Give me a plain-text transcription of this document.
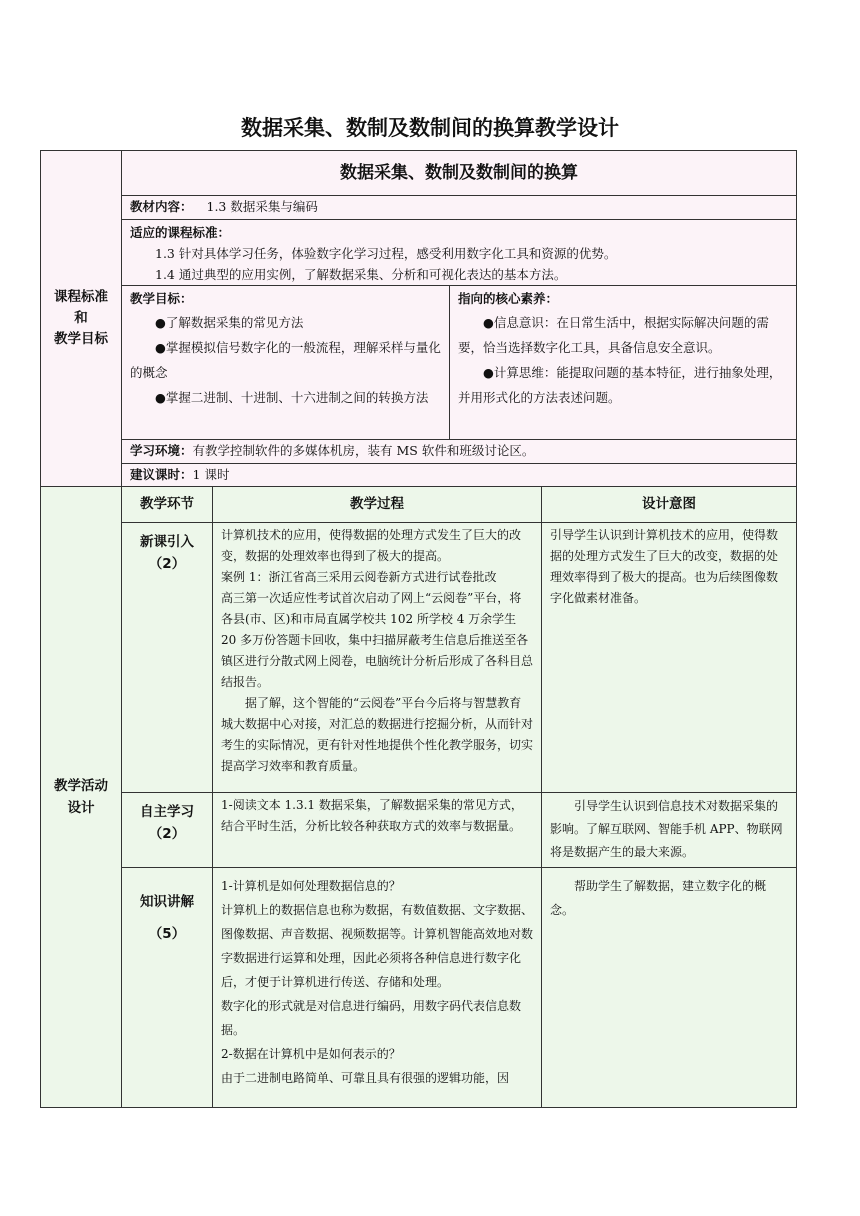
数据采集、数制及数制间的换算教学设计
课程标准
和
教学目标
数据采集、数制及数制间的换算
教材内容： 1.3 数据采集与编码
适应的课程标准：
1.3 针对具体学习任务，体验数字化学习过程，感受利用数字化工具和资源的优势。
1.4 通过典型的应用实例，了解数据采集、分析和可视化表达的基本方法。
教学目标：
●了解数据采集的常见方法
●掌握模拟信号数字化的一般流程，理解采样与量化的概念
●掌握二进制、十进制、十六进制之间的转换方法
指向的核心素养：
●信息意识：在日常生活中，根据实际解决问题的需要，恰当选择数字化工具，具备信息安全意识。
●计算思维：能提取问题的基本特征，进行抽象处理，并用形式化的方法表述问题。
学习环境：有教学控制软件的多媒体机房，装有 MS 软件和班级讨论区。
建议课时：1 课时
教学活动
设计
教学环节	教学过程	设计意图
新课引入
（2）
计算机技术的应用，使得数据的处理方式发生了巨大的改变，数据的处理效率也得到了极大的提高。
案例 1：浙江省高三采用云阅卷新方式进行试卷批改
高三第一次适应性考试首次启动了网上“云阅卷”平台，将各县(市、区)和市局直属学校共 102 所学校 4 万余学生 20 多万份答题卡回收，集中扫描屏蔽考生信息后推送至各镇区进行分散式网上阅卷，电脑统计分析后形成了各科目总结报告。
据了解，这个智能的“云阅卷”平台今后将与智慧教育城大数据中心对接，对汇总的数据进行挖掘分析，从而针对考生的实际情况，更有针对性地提供个性化教学服务，切实提高学习效率和教育质量。
引导学生认识到计算机技术的应用，使得数据的处理方式发生了巨大的改变，数据的处理效率得到了极大的提高。也为后续图像数字化做素材准备。
自主学习
（2）
1-阅读文本 1.3.1 数据采集，了解数据采集的常见方式，结合平时生活，分析比较各种获取方式的效率与数据量。
引导学生认识到信息技术对数据采集的影响。了解互联网、智能手机 APP、物联网将是数据产生的最大来源。
知识讲解
（5）
1-计算机是如何处理数据信息的？
计算机上的数据信息也称为数据，有数值数据、文字数据、图像数据、声音数据、视频数据等。计算机智能高效地对数字数据进行运算和处理，因此必须将各种信息进行数字化后，才便于计算机进行传送、存储和处理。
数字化的形式就是对信息进行编码，用数字码代表信息数据。
2-数据在计算机中是如何表示的？
由于二进制电路简单、可靠且具有很强的逻辑功能，因
帮助学生了解数据，建立数字化的概念。
